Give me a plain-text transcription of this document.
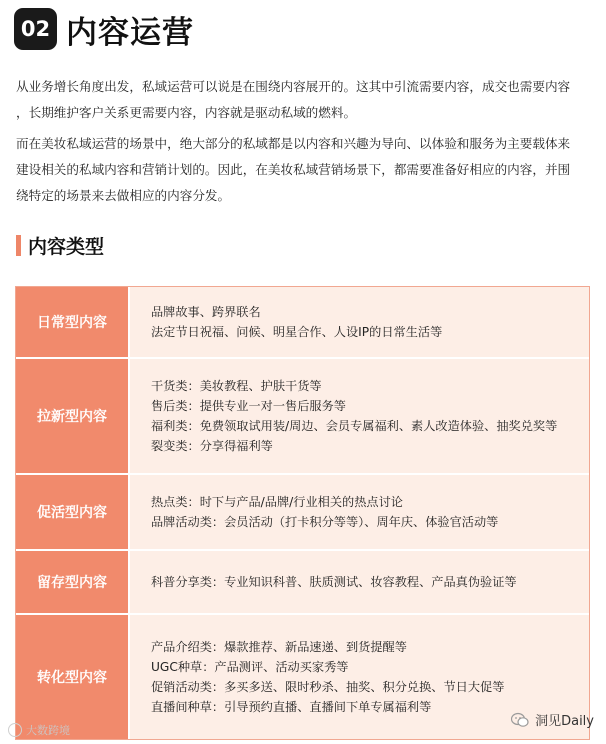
02 内容运营

从业务增长角度出发，私域运营可以说是在围绕内容展开的。这其中引流需要内容，成交也需要内容
，长期维护客户关系更需要内容，内容就是驱动私域的燃料。

而在美妆私域运营的场景中，绝大部分的私域都是以内容和兴趣为导向、以体验和服务为主要载体来
建设相关的私域内容和营销计划的。因此，在美妆私域营销场景下，都需要准备好相应的内容，并围
绕特定的场景来去做相应的内容分发。

内容类型
日常型内容
品牌故事、跨界联名
法定节日祝福、问候、明星合作、人设IP的日常生活等
拉新型内容
干货类：美妆教程、护肤干货等
售后类：提供专业一对一售后服务等
福利类：免费领取试用装/周边、会员专属福利、素人改造体验、抽奖兑奖等
裂变类：分享得福利等
促活型内容
热点类：时下与产品/品牌/行业相关的热点讨论
品牌活动类：会员活动（打卡积分等等）、周年庆、体验官活动等
留存型内容	科普分享类：专业知识科普、肤质测试、妆容教程、产品真伪验证等
转化型内容
产品介绍类：爆款推荐、新品速递、到货提醒等
UGC种草：产品测评、活动买家秀等
促销活动类：多买多送、限时秒杀、抽奖、积分兑换、节日大促等
直播间种草：引导预约直播、直播间下单专属福利等
大数跨境
洞见Daily
